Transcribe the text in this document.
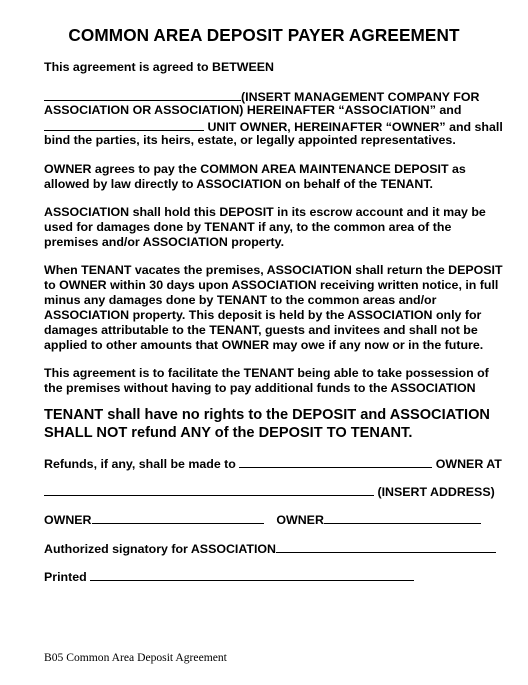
COMMON AREA DEPOSIT PAYER AGREEMENT
This agreement is agreed to BETWEEN
(INSERT MANAGEMENT COMPANY FOR
ASSOCIATION OR ASSOCIATION) HEREINAFTER “ASSOCIATION” and
UNIT OWNER, HEREINAFTER “OWNER” and shall
bind the parties, its heirs, estate, or legally appointed representatives.
OWNER agrees to pay the COMMON AREA MAINTENANCE DEPOSIT as
allowed by law directly to ASSOCIATION on behalf of the TENANT.
ASSOCIATION shall hold this DEPOSIT in its escrow account and it may be
used for damages done by TENANT if any, to the common area of the
premises and/or ASSOCIATION property.
When TENANT vacates the premises, ASSOCIATION shall return the DEPOSIT
to OWNER within 30 days upon ASSOCIATION receiving written notice, in full
minus any damages done by TENANT to the common areas and/or
ASSOCIATION property. This deposit is held by the ASSOCIATION only for
damages attributable to the TENANT, guests and invitees and shall not be
applied to other amounts that OWNER may owe if any now or in the future.
This agreement is to facilitate the TENANT being able to take possession of
the premises without having to pay additional funds to the ASSOCIATION
TENANT shall have no rights to the DEPOSIT and ASSOCIATION
SHALL NOT refund ANY of the DEPOSIT TO TENANT.
Refunds, if any, shall be made to	OWNER AT
(INSERT ADDRESS)
OWNER	OWNER
Authorized signatory for ASSOCIATION
Printed
B05 Common Area Deposit Agreement
